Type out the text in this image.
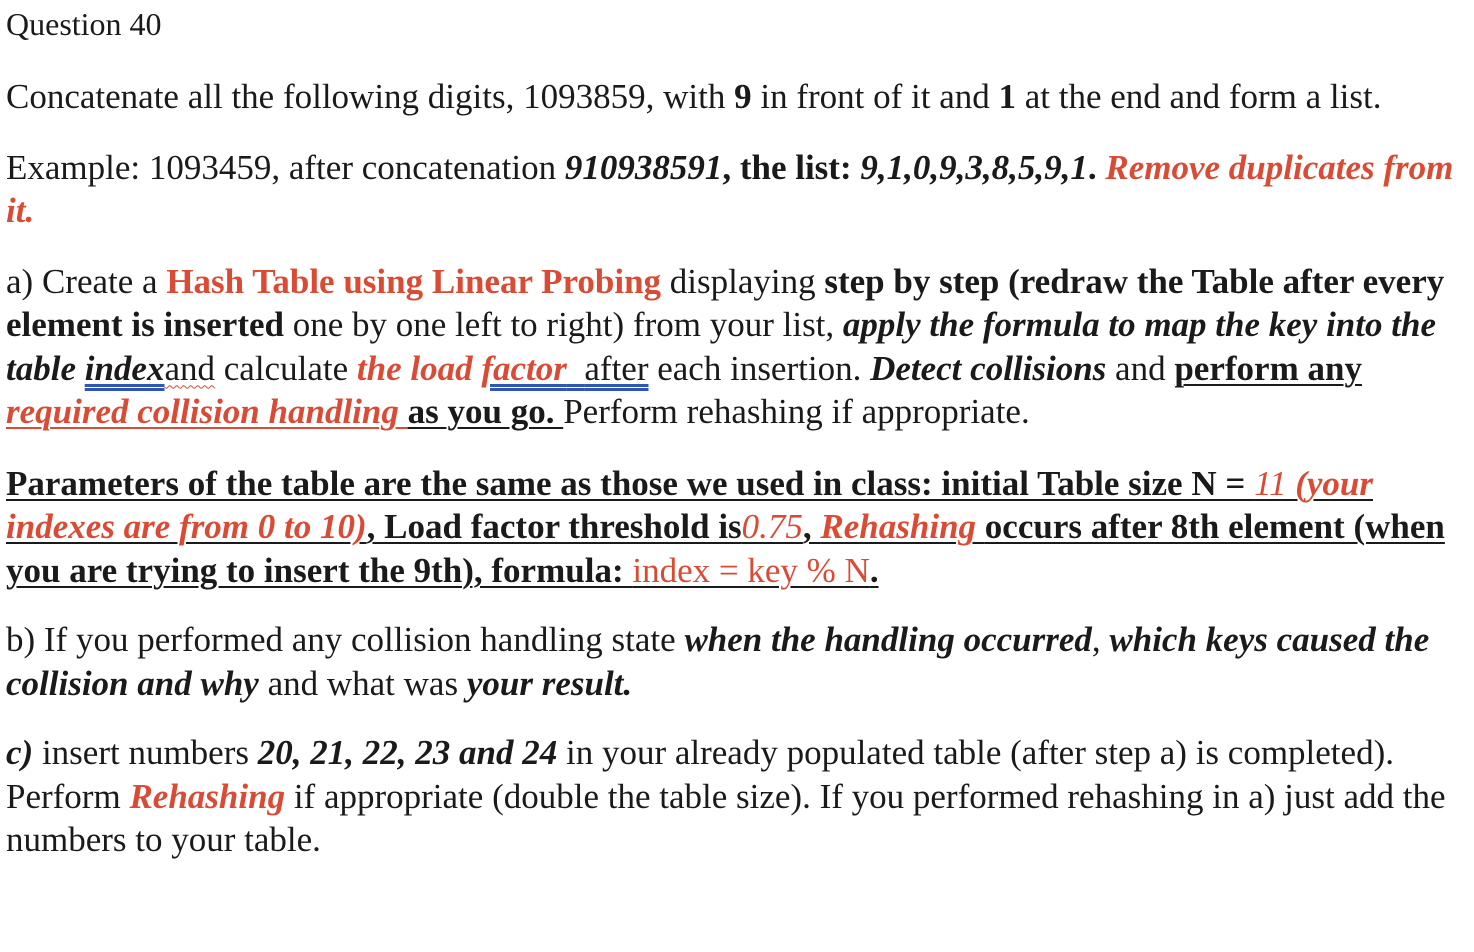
Question 40

Concatenate all the following digits, 1093859, with 9 in front of it and 1 at the end and form a list.

Example: 1093459, after concatenation 910938591, the list: 9,1,0,9,3,8,5,9,1. Remove duplicates from it.

a) Create a Hash Table using Linear Probing displaying step by step (redraw the Table after every element is inserted one by one left to right) from your list, apply the formula to map the key into the table indexand calculate the load factor after each insertion. Detect collisions and perform any required collision handling as you go. Perform rehashing if appropriate.

Parameters of the table are the same as those we used in class: initial Table size N = 11 (your indexes are from 0 to 10), Load factor threshold is0.75, Rehashing occurs after 8th element (when you are trying to insert the 9th), formula: index = key % N.

b) If you performed any collision handling state when the handling occurred, which keys caused the collision and why and what was your result.

c) insert numbers 20, 21, 22, 23 and 24 in your already populated table (after step a) is completed). Perform Rehashing if appropriate (double the table size). If you performed rehashing in a) just add the numbers to your table.
